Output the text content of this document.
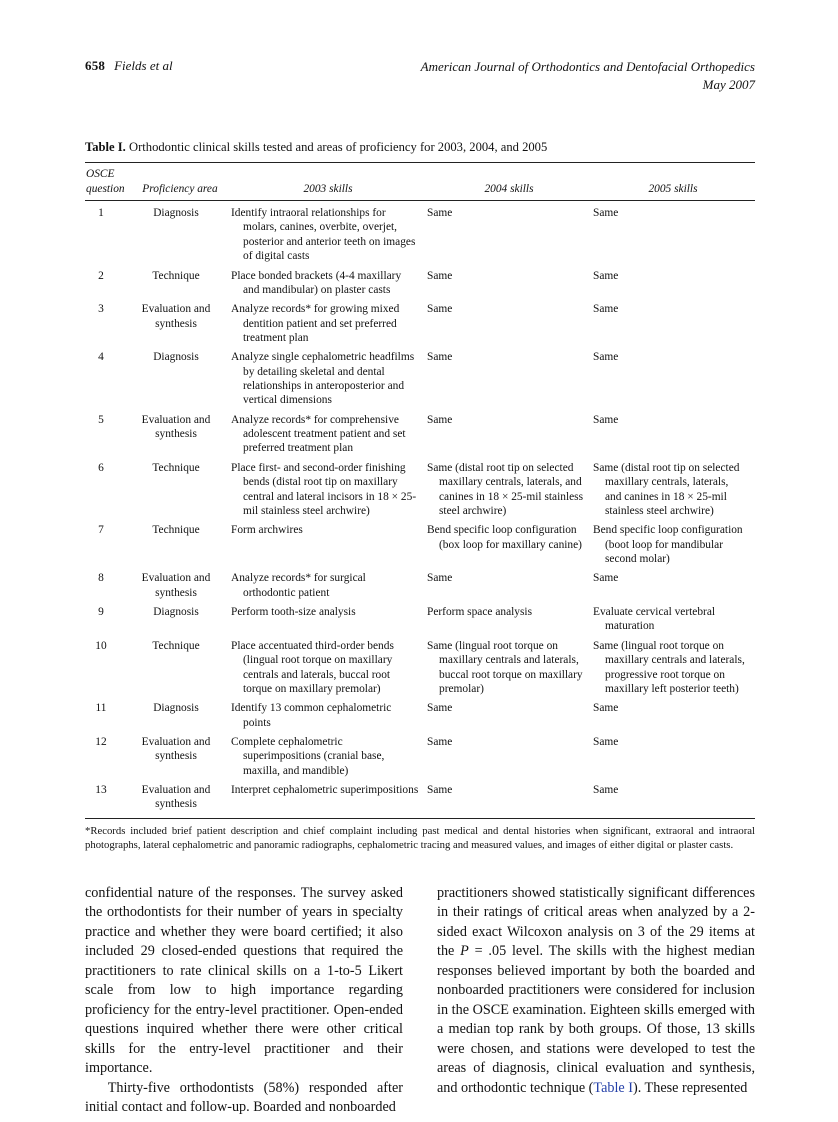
658 Fields et al	American Journal of Orthodontics and Dentofacial Orthopedics
May 2007
Table I. Orthodontic clinical skills tested and areas of proficiency for 2003, 2004, and 2005
OSCE question	Proficiency area	2003 skills	2004 skills	2005 skills
1	Diagnosis	Identify intraoral relationships for molars, canines, overbite, overjet, posterior and anterior teeth on images of digital casts	Same	Same
2	Technique	Place bonded brackets (4-4 maxillary and mandibular) on plaster casts	Same	Same
3	Evaluation and synthesis	Analyze records* for growing mixed dentition patient and set preferred treatment plan	Same	Same
4	Diagnosis	Analyze single cephalometric headfilms by detailing skeletal and dental relationships in anteroposterior and vertical dimensions	Same	Same
5	Evaluation and synthesis	Analyze records* for comprehensive adolescent treatment patient and set preferred treatment plan	Same	Same
6	Technique	Place first- and second-order finishing bends (distal root tip on maxillary central and lateral incisors in 18 × 25-mil stainless steel archwire)	Same (distal root tip on selected maxillary centrals, laterals, and canines in 18 × 25-mil stainless steel archwire)	Same (distal root tip on selected maxillary centrals, laterals, and canines in 18 × 25-mil stainless steel archwire)
7	Technique	Form archwires	Bend specific loop configuration (box loop for maxillary canine)	Bend specific loop configuration (boot loop for mandibular second molar)
8	Evaluation and synthesis	Analyze records* for surgical orthodontic patient	Same	Same
9	Diagnosis	Perform tooth-size analysis	Perform space analysis	Evaluate cervical vertebral maturation
10	Technique	Place accentuated third-order bends (lingual root torque on maxillary centrals and laterals, buccal root torque on maxillary premolar)	Same (lingual root torque on maxillary centrals and laterals, buccal root torque on maxillary premolar)	Same (lingual root torque on maxillary centrals and laterals, progressive root torque on maxillary left posterior teeth)
11	Diagnosis	Identify 13 common cephalometric points	Same	Same
12	Evaluation and synthesis	Complete cephalometric superimpositions (cranial base, maxilla, and mandible)	Same	Same
13	Evaluation and synthesis	Interpret cephalometric superimpositions	Same	Same
*Records included brief patient description and chief complaint including past medical and dental histories when significant, extraoral and intraoral photographs, lateral cephalometric and panoramic radiographs, cephalometric tracing and measured values, and images of either digital or plaster casts.

confidential nature of the responses. The survey asked the orthodontists for their number of years in specialty practice and whether they were board certified; it also included 29 closed-ended questions that required the practitioners to rate clinical skills on a 1-to-5 Likert scale from low to high importance regarding proficiency for the entry-level practitioner. Open-ended questions inquired whether there were other critical skills for the entry-level practitioner and their importance.

Thirty-five orthodontists (58%) responded after initial contact and follow-up. Boarded and nonboarded

practitioners showed statistically significant differences in their ratings of critical areas when analyzed by a 2-sided exact Wilcoxon analysis on 3 of the 29 items at the P = .05 level. The skills with the highest median responses believed important by both the boarded and nonboarded practitioners were considered for inclusion in the OSCE examination. Eighteen skills emerged with a median top rank by both groups. Of those, 13 skills were chosen, and stations were developed to test the areas of diagnosis, clinical evaluation and synthesis, and orthodontic technique (Table I). These represented
